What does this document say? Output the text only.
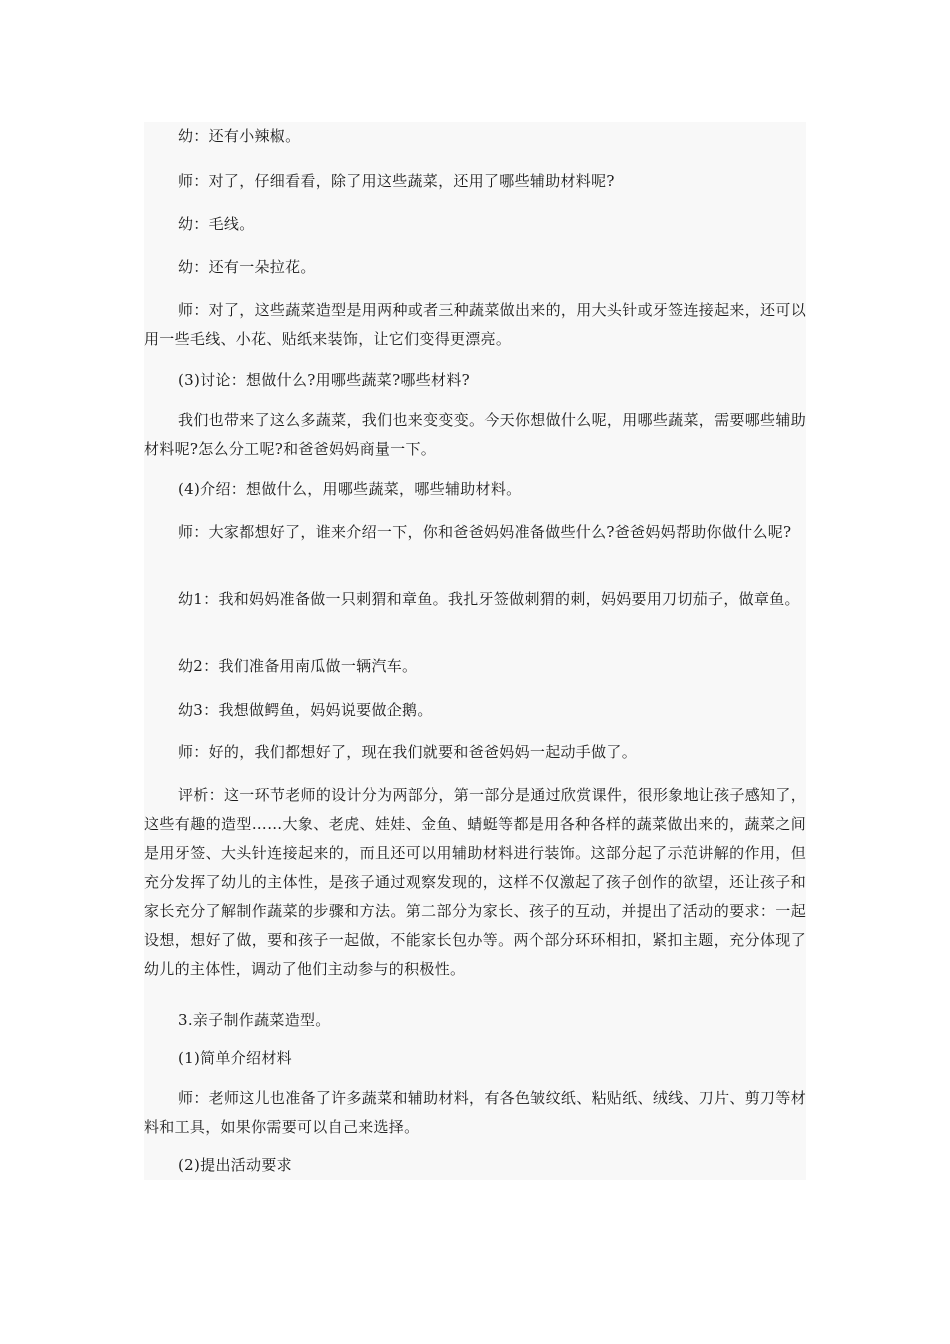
幼：还有小辣椒。

师：对了，仔细看看，除了用这些蔬菜，还用了哪些辅助材料呢?

幼：毛线。

幼：还有一朵拉花。

师：对了，这些蔬菜造型是用两种或者三种蔬菜做出来的，用大头针或牙签连接起来，还可以用一些毛线、小花、贴纸来装饰，让它们变得更漂亮。

(3)讨论：想做什么?用哪些蔬菜?哪些材料?

我们也带来了这么多蔬菜，我们也来变变变。今天你想做什么呢，用哪些蔬菜，需要哪些辅助材料呢?怎么分工呢?和爸爸妈妈商量一下。

(4)介绍：想做什么，用哪些蔬菜，哪些辅助材料。

师：大家都想好了，谁来介绍一下，你和爸爸妈妈准备做些什么?爸爸妈妈帮助你做什么呢?

幼1：我和妈妈准备做一只刺猬和章鱼。我扎牙签做刺猬的刺，妈妈要用刀切茄子，做章鱼。

幼2：我们准备用南瓜做一辆汽车。

幼3：我想做鳄鱼，妈妈说要做企鹅。

师：好的，我们都想好了，现在我们就要和爸爸妈妈一起动手做了。

评析：这一环节老师的设计分为两部分，第一部分是通过欣赏课件，很形象地让孩子感知了，这些有趣的造型……大象、老虎、娃娃、金鱼、蜻蜓等都是用各种各样的蔬菜做出来的，蔬菜之间是用牙签、大头针连接起来的，而且还可以用辅助材料进行装饰。这部分起了示范讲解的作用，但充分发挥了幼儿的主体性，是孩子通过观察发现的，这样不仅激起了孩子创作的欲望，还让孩子和家长充分了解制作蔬菜的步骤和方法。第二部分为家长、孩子的互动，并提出了活动的要求：一起设想，想好了做，要和孩子一起做，不能家长包办等。两个部分环环相扣，紧扣主题，充分体现了幼儿的主体性，调动了他们主动参与的积极性。

3.亲子制作蔬菜造型。

(1)简单介绍材料

师：老师这儿也准备了许多蔬菜和辅助材料，有各色皱纹纸、粘贴纸、绒线、刀片、剪刀等材料和工具，如果你需要可以自己来选择。

(2)提出活动要求
